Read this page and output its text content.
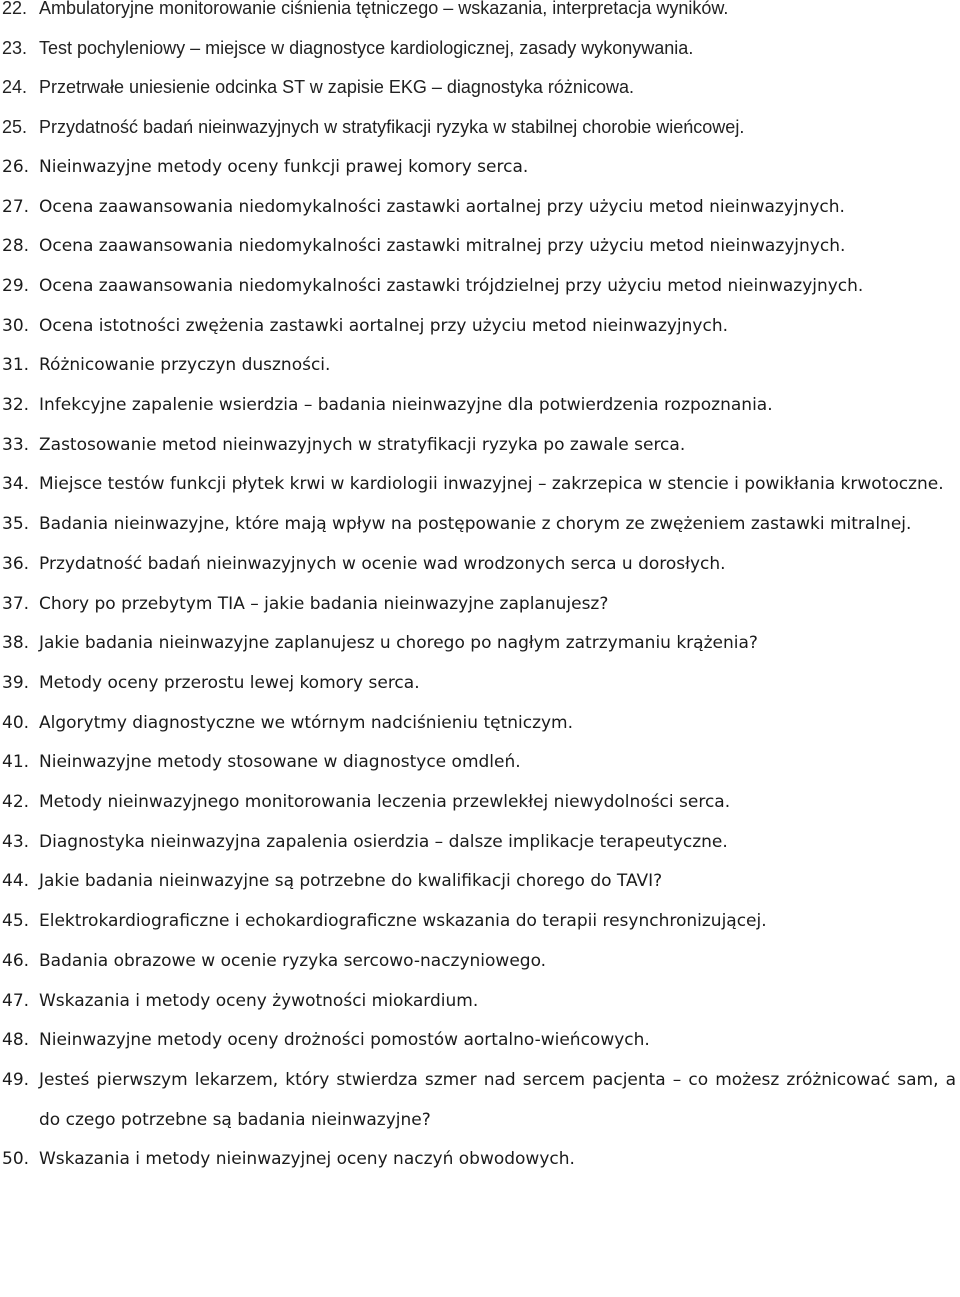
22. Ambulatoryjne monitorowanie ciśnienia tętniczego – wskazania, interpretacja wyników.
23. Test pochyleniowy – miejsce w diagnostyce kardiologicznej, zasady wykonywania.
24. Przetrwałe uniesienie odcinka ST w zapisie EKG – diagnostyka różnicowa.
25. Przydatność badań nieinwazyjnych w stratyfikacji ryzyka w stabilnej chorobie wieńcowej.
26. Nieinwazyjne metody oceny funkcji prawej komory serca.
27. Ocena zaawansowania niedomykalności zastawki aortalnej przy użyciu metod nieinwazyjnych.
28. Ocena zaawansowania niedomykalności zastawki mitralnej przy użyciu metod nieinwazyjnych.
29. Ocena zaawansowania niedomykalności zastawki trójdzielnej przy użyciu metod nieinwazyjnych.
30. Ocena istotności zwężenia zastawki aortalnej przy użyciu metod nieinwazyjnych.
31. Różnicowanie przyczyn duszności.
32. Infekcyjne zapalenie wsierdzia – badania nieinwazyjne dla potwierdzenia rozpoznania.
33. Zastosowanie metod nieinwazyjnych w stratyfikacji ryzyka po zawale serca.
34. Miejsce testów funkcji płytek krwi w kardiologii inwazyjnej – zakrzepica w stencie i powikłania krwotoczne.
35. Badania nieinwazyjne, które mają wpływ na postępowanie z chorym ze zwężeniem zastawki mitralnej.
36. Przydatność badań nieinwazyjnych w ocenie wad wrodzonych serca u dorosłych.
37. Chory po przebytym TIA – jakie badania nieinwazyjne zaplanujesz?
38. Jakie badania nieinwazyjne zaplanujesz u chorego po nagłym zatrzymaniu krążenia?
39. Metody oceny przerostu lewej komory serca.
40. Algorytmy diagnostyczne we wtórnym nadciśnieniu tętniczym.
41. Nieinwazyjne metody stosowane w diagnostyce omdleń.
42. Metody nieinwazyjnego monitorowania leczenia przewlekłej niewydolności serca.
43. Diagnostyka nieinwazyjna zapalenia osierdzia – dalsze implikacje terapeutyczne.
44. Jakie badania nieinwazyjne są potrzebne do kwalifikacji chorego do TAVI?
45. Elektrokardiograficzne i echokardiograficzne wskazania do terapii resynchronizującej.
46. Badania obrazowe w ocenie ryzyka sercowo-naczyniowego.
47. Wskazania i metody oceny żywotności miokardium.
48. Nieinwazyjne metody oceny drożności pomostów aortalno-wieńcowych.
49. Jesteś pierwszym lekarzem, który stwierdza szmer nad sercem pacjenta – co możesz zróżnicować sam, a do czego potrzebne są badania nieinwazyjne?
50. Wskazania i metody nieinwazyjnej oceny naczyń obwodowych.
